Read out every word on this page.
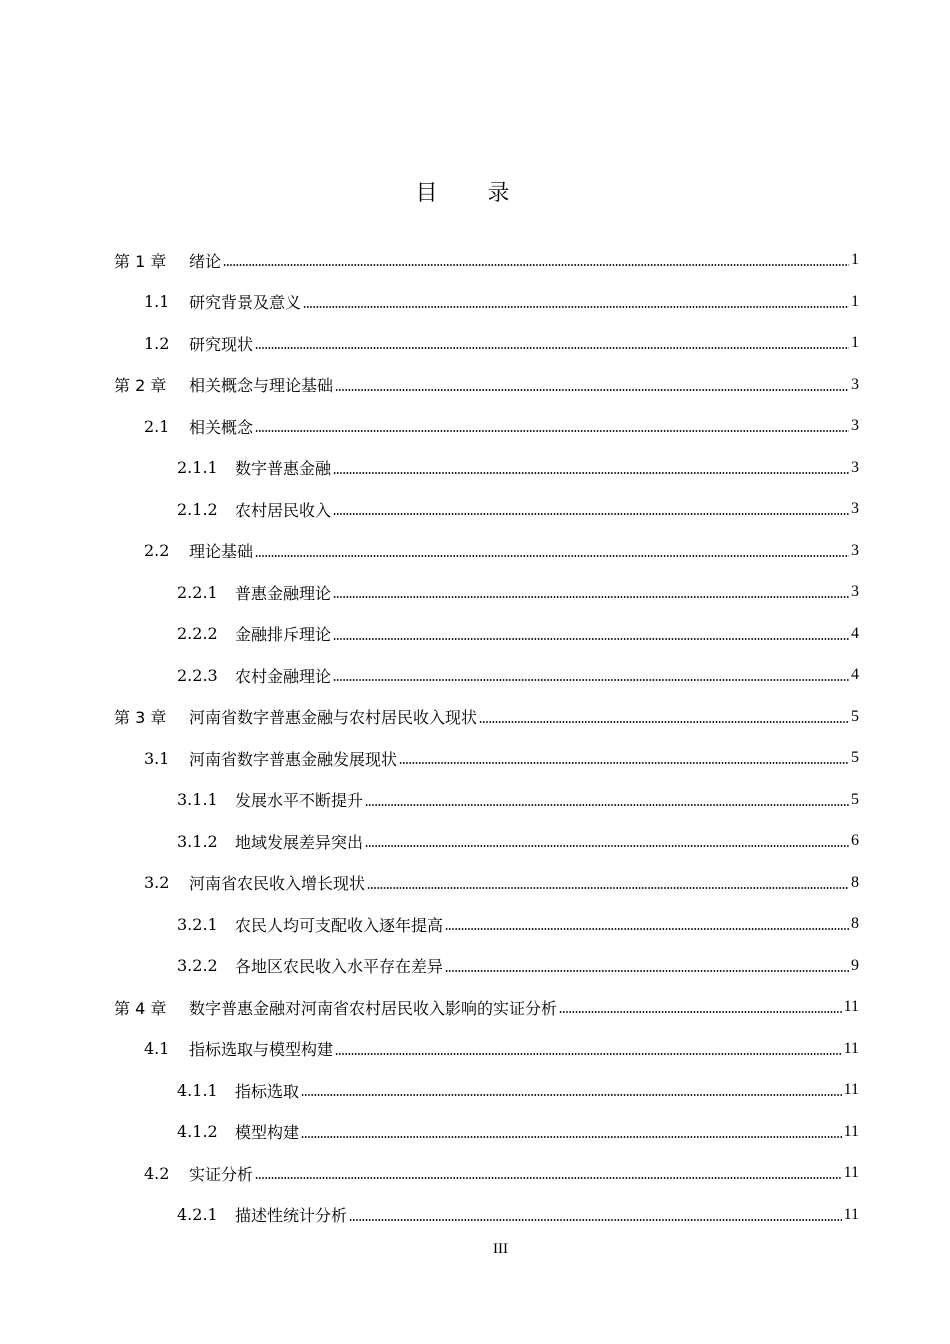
目录
第 1 章	绪论	1
1.1	研究背景及意义	1
1.2	研究现状	1
第 2 章	相关概念与理论基础	3
2.1	相关概念	3
2.1.1	数字普惠金融	3
2.1.2	农村居民收入	3
2.2	理论基础	3
2.2.1	普惠金融理论	3
2.2.2	金融排斥理论	4
2.2.3	农村金融理论	4
第 3 章	河南省数字普惠金融与农村居民收入现状	5
3.1	河南省数字普惠金融发展现状	5
3.1.1	发展水平不断提升	5
3.1.2	地域发展差异突出	6
3.2	河南省农民收入增长现状	8
3.2.1	农民人均可支配收入逐年提高	8
3.2.2	各地区农民收入水平存在差异	9
第 4 章	数字普惠金融对河南省农村居民收入影响的实证分析	11
4.1	指标选取与模型构建	11
4.1.1	指标选取	11
4.1.2	模型构建	11
4.2	实证分析	11
4.2.1	描述性统计分析	11
III
